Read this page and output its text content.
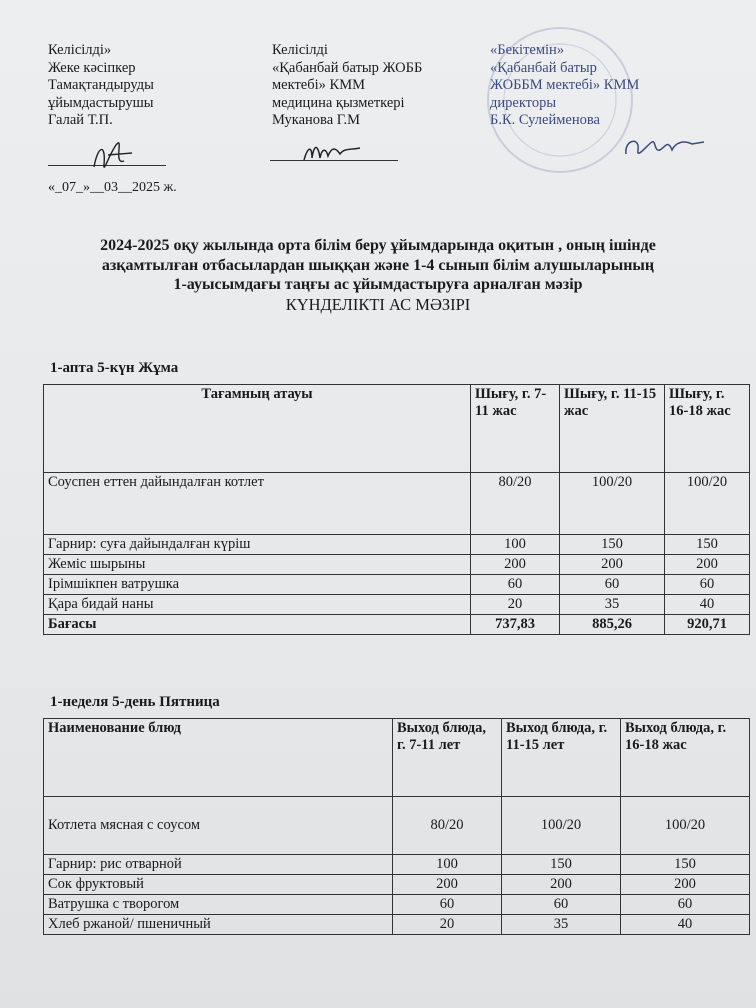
Келісілді»
Жеке кәсіпкер
Тамақтандыруды
ұйымдастырушы
Галай Т.П.
«_07_»__03__2025 ж.
Келісілді
«Қабанбай батыр ЖОББ
мектебі» КММ
медицина қызметкері
Муканова Г.М
«Бекітемін»
«Қабанбай батыр
ЖОББМ мектебі» КММ
директоры
Б.К. Сулейменова
2024-2025 оқу жылында орта білім беру ұйымдарында оқитын , оның ішінде
азқамтылған отбасылардан шыққан және 1-4 сынып білім алушыларының
1-ауысымдағы таңғы ас ұйымдастыруға арналған мәзір
КҮНДЕЛІКТІ АС МӘЗІРІ
1-апта 5-күн Жұма
Тағамның атауы	Шығу, г. 7-11 жас	Шығу, г. 11-15 жас	Шығу, г. 16-18 жас
Соуспен еттен дайындалған котлет	80/20	100/20	100/20
Гарнир: суға дайындалған күріш	100	150	150
Жеміс шырыны	200	200	200
Ірімшікпен ватрушка	60	60	60
Қара бидай наны	20	35	40
Бағасы	737,83	885,26	920,71
1-неделя 5-день Пятница
Наименование блюд	Выход блюда, г. 7-11 лет	Выход блюда, г. 11-15 лет	Выход блюда, г. 16-18 жас
Котлета мясная с соусом	80/20	100/20	100/20
Гарнир: рис отварной	100	150	150
Сок фруктовый	200	200	200
Ватрушка с творогом	60	60	60
Хлеб ржаной/ пшеничный	20	35	40
